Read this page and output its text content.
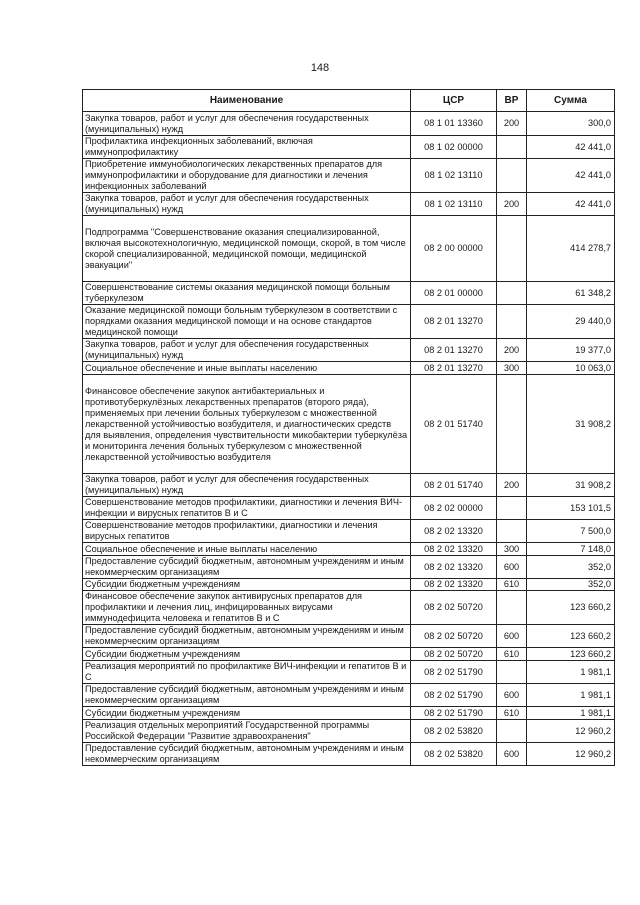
148
Наименование	ЦСР	ВР	Сумма
Закупка товаров, работ и услуг для обеспечения государственных (муниципальных) нужд	08 1 01 13360	200	300,0
Профилактика инфекционных заболеваний, включая иммунопрофилактику	08 1 02 00000		42 441,0
Приобретение иммунобиологических лекарственных препаратов для иммунопрофилактики и оборудование для диагностики и лечения инфекционных заболеваний	08 1 02 13110		42 441,0
Закупка товаров, работ и услуг для обеспечения государственных (муниципальных) нужд	08 1 02 13110	200	42 441,0
Подпрограмма "Совершенствование оказания специализированной, включая высокотехнологичную, медицинской помощи, скорой, в том числе скорой специализированной, медицинской помощи, медицинской эвакуации"	08 2 00 00000		414 278,7
Совершенствование системы оказания медицинской помощи больным туберкулезом	08 2 01 00000		61 348,2
Оказание медицинской помощи больным туберкулезом в соответствии с порядками оказания медицинской помощи и на основе стандартов медицинской помощи	08 2 01 13270		29 440,0
Закупка товаров, работ и услуг для обеспечения государственных (муниципальных) нужд	08 2 01 13270	200	19 377,0
Социальное обеспечение и иные выплаты населению	08 2 01 13270	300	10 063,0
Финансовое обеспечение закупок антибактериальных и противотуберкулёзных лекарственных препаратов (второго ряда), применяемых при лечении больных туберкулезом с множественной лекарственной устойчивостью возбудителя, и диагностических средств для выявления, определения чувствительности микобактерии туберкулёза и мониторинга лечения больных туберкулезом с множественной лекарственной устойчивостью возбудителя	08 2 01 51740		31 908,2
Закупка товаров, работ и услуг для обеспечения государственных (муниципальных) нужд	08 2 01 51740	200	31 908,2
Совершенствование методов профилактики, диагностики и лечения ВИЧ-инфекции и вирусных гепатитов В и С	08 2 02 00000		153 101,5
Совершенствование методов профилактики, диагностики и лечения вирусных гепатитов	08 2 02 13320		7 500,0
Социальное обеспечение и иные выплаты населению	08 2 02 13320	300	7 148,0
Предоставление субсидий бюджетным, автономным учреждениям и иным некоммерческим организациям	08 2 02 13320	600	352,0
Субсидии бюджетным учреждениям	08 2 02 13320	610	352,0
Финансовое обеспечение закупок антивирусных препаратов для профилактики и лечения лиц, инфицированных вирусами иммунодефицита человека и гепатитов В и С	08 2 02 50720		123 660,2
Предоставление субсидий бюджетным, автономным учреждениям и иным некоммерческим организациям	08 2 02 50720	600	123 660,2
Субсидии бюджетным учреждениям	08 2 02 50720	610	123 660,2
Реализация мероприятий по профилактике ВИЧ-инфекции и гепатитов В и С	08 2 02 51790		1 981,1
Предоставление субсидий бюджетным, автономным учреждениям и иным некоммерческим организациям	08 2 02 51790	600	1 981,1
Субсидии бюджетным учреждениям	08 2 02 51790	610	1 981,1
Реализация отдельных мероприятий Государственной программы Российской Федерации "Развитие здравоохранения"	08 2 02 53820		12 960,2
Предоставление субсидий бюджетным, автономным учреждениям и иным некоммерческим организациям	08 2 02 53820	600	12 960,2
